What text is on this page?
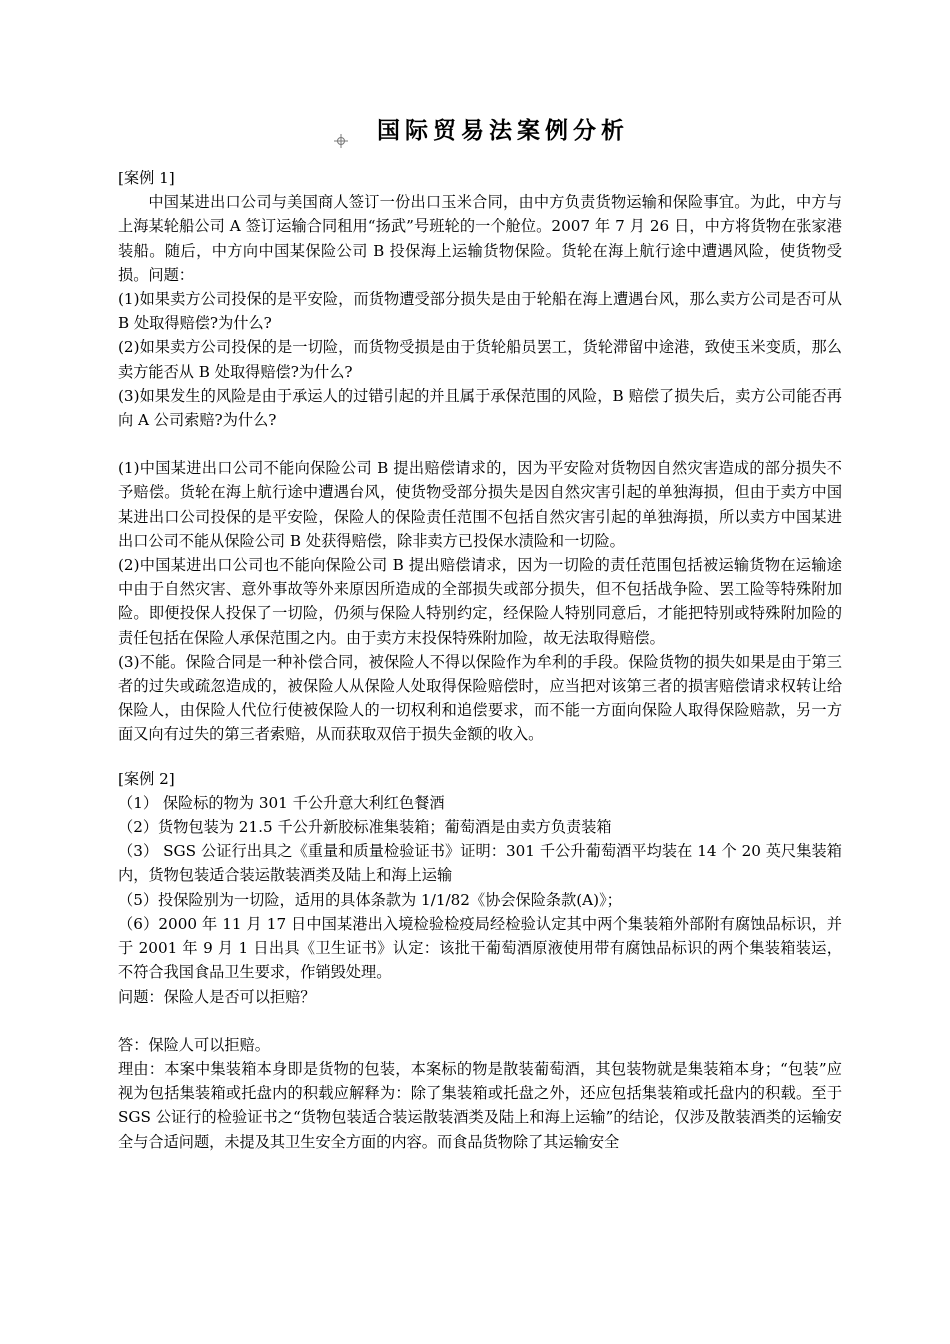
国际贸易法案例分析

[案例 1]

中国某进出口公司与美国商人签订一份出口玉米合同，由中方负责货物运输和保险事宜。为此，中方与上海某轮船公司 A 签订运输合同租用“扬武”号班轮的一个舱位。2007 年 7 月 26 日，中方将货物在张家港装船。随后，中方向中国某保险公司 B 投保海上运输货物保险。货轮在海上航行途中遭遇风险，使货物受损。问题：

(1)如果卖方公司投保的是平安险，而货物遭受部分损失是由于轮船在海上遭遇台风，那么卖方公司是否可从 B 处取得赔偿?为什么?

(2)如果卖方公司投保的是一切险，而货物受损是由于货轮船员罢工，货轮滞留中途港，致使玉米变质，那么卖方能否从 B 处取得赔偿?为什么?

(3)如果发生的风险是由于承运人的过错引起的并且属于承保范围的风险，B 赔偿了损失后，卖方公司能否再向 A 公司索赔?为什么?

(1)中国某进出口公司不能向保险公司 B 提出赔偿请求的，因为平安险对货物因自然灾害造成的部分损失不予赔偿。货轮在海上航行途中遭遇台风，使货物受部分损失是因自然灾害引起的单独海损，但由于卖方中国某进出口公司投保的是平安险，保险人的保险责任范围不包括自然灾害引起的单独海损，所以卖方中国某进出口公司不能从保险公司 B 处获得赔偿，除非卖方已投保水渍险和一切险。

(2)中国某进出口公司也不能向保险公司 B 提出赔偿请求，因为一切险的责任范围包括被运输货物在运输途中由于自然灾害、意外事故等外来原因所造成的全部损失或部分损失，但不包括战争险、罢工险等特殊附加险。即便投保人投保了一切险，仍须与保险人特别约定，经保险人特别同意后，才能把特别或特殊附加险的责任包括在保险人承保范围之内。由于卖方末投保特殊附加险，故无法取得赔偿。

(3)不能。保险合同是一种补偿合同，被保险人不得以保险作为牟利的手段。保险货物的损失如果是由于第三者的过失或疏忽造成的，被保险人从保险人处取得保险赔偿时，应当把对该第三者的损害赔偿请求权转让给保险人，由保险人代位行使被保险人的一切权利和追偿要求，而不能一方面向保险人取得保险赔款，另一方面又向有过失的第三者索赔，从而获取双倍于损失金额的收入。

[案例 2]

（1） 保险标的物为 301 千公升意大利红色餐酒

（2）货物包装为 21.5 千公升新胶标准集装箱；葡萄酒是由卖方负责装箱

（3） SGS 公证行出具之《重量和质量检验证书》证明：301 千公升葡萄酒平均装在 14 个 20 英尺集装箱内，货物包装适合装运散装酒类及陆上和海上运输

（5）投保险别为一切险，适用的具体条款为 1/1/82《协会保险条款(A)》；

（6）2000 年 11 月 17 日中国某港出入境检验检疫局经检验认定其中两个集装箱外部附有腐蚀品标识，并于 2001 年 9 月 1 日出具《卫生证书》认定：该批干葡萄酒原液使用带有腐蚀品标识的两个集装箱装运，不符合我国食品卫生要求，作销毁处理。

问题：保险人是否可以拒赔？

答：保险人可以拒赔。

理由：本案中集装箱本身即是货物的包装，本案标的物是散装葡萄酒，其包装物就是集装箱本身；“包装”应视为包括集装箱或托盘内的积载应解释为：除了集装箱或托盘之外，还应包括集装箱或托盘内的积载。至于 SGS 公证行的检验证书之“货物包装适合装运散装酒类及陆上和海上运输”的结论，仅涉及散装酒类的运输安全与合适问题，未提及其卫生安全方面的内容。而食品货物除了其运输安全
